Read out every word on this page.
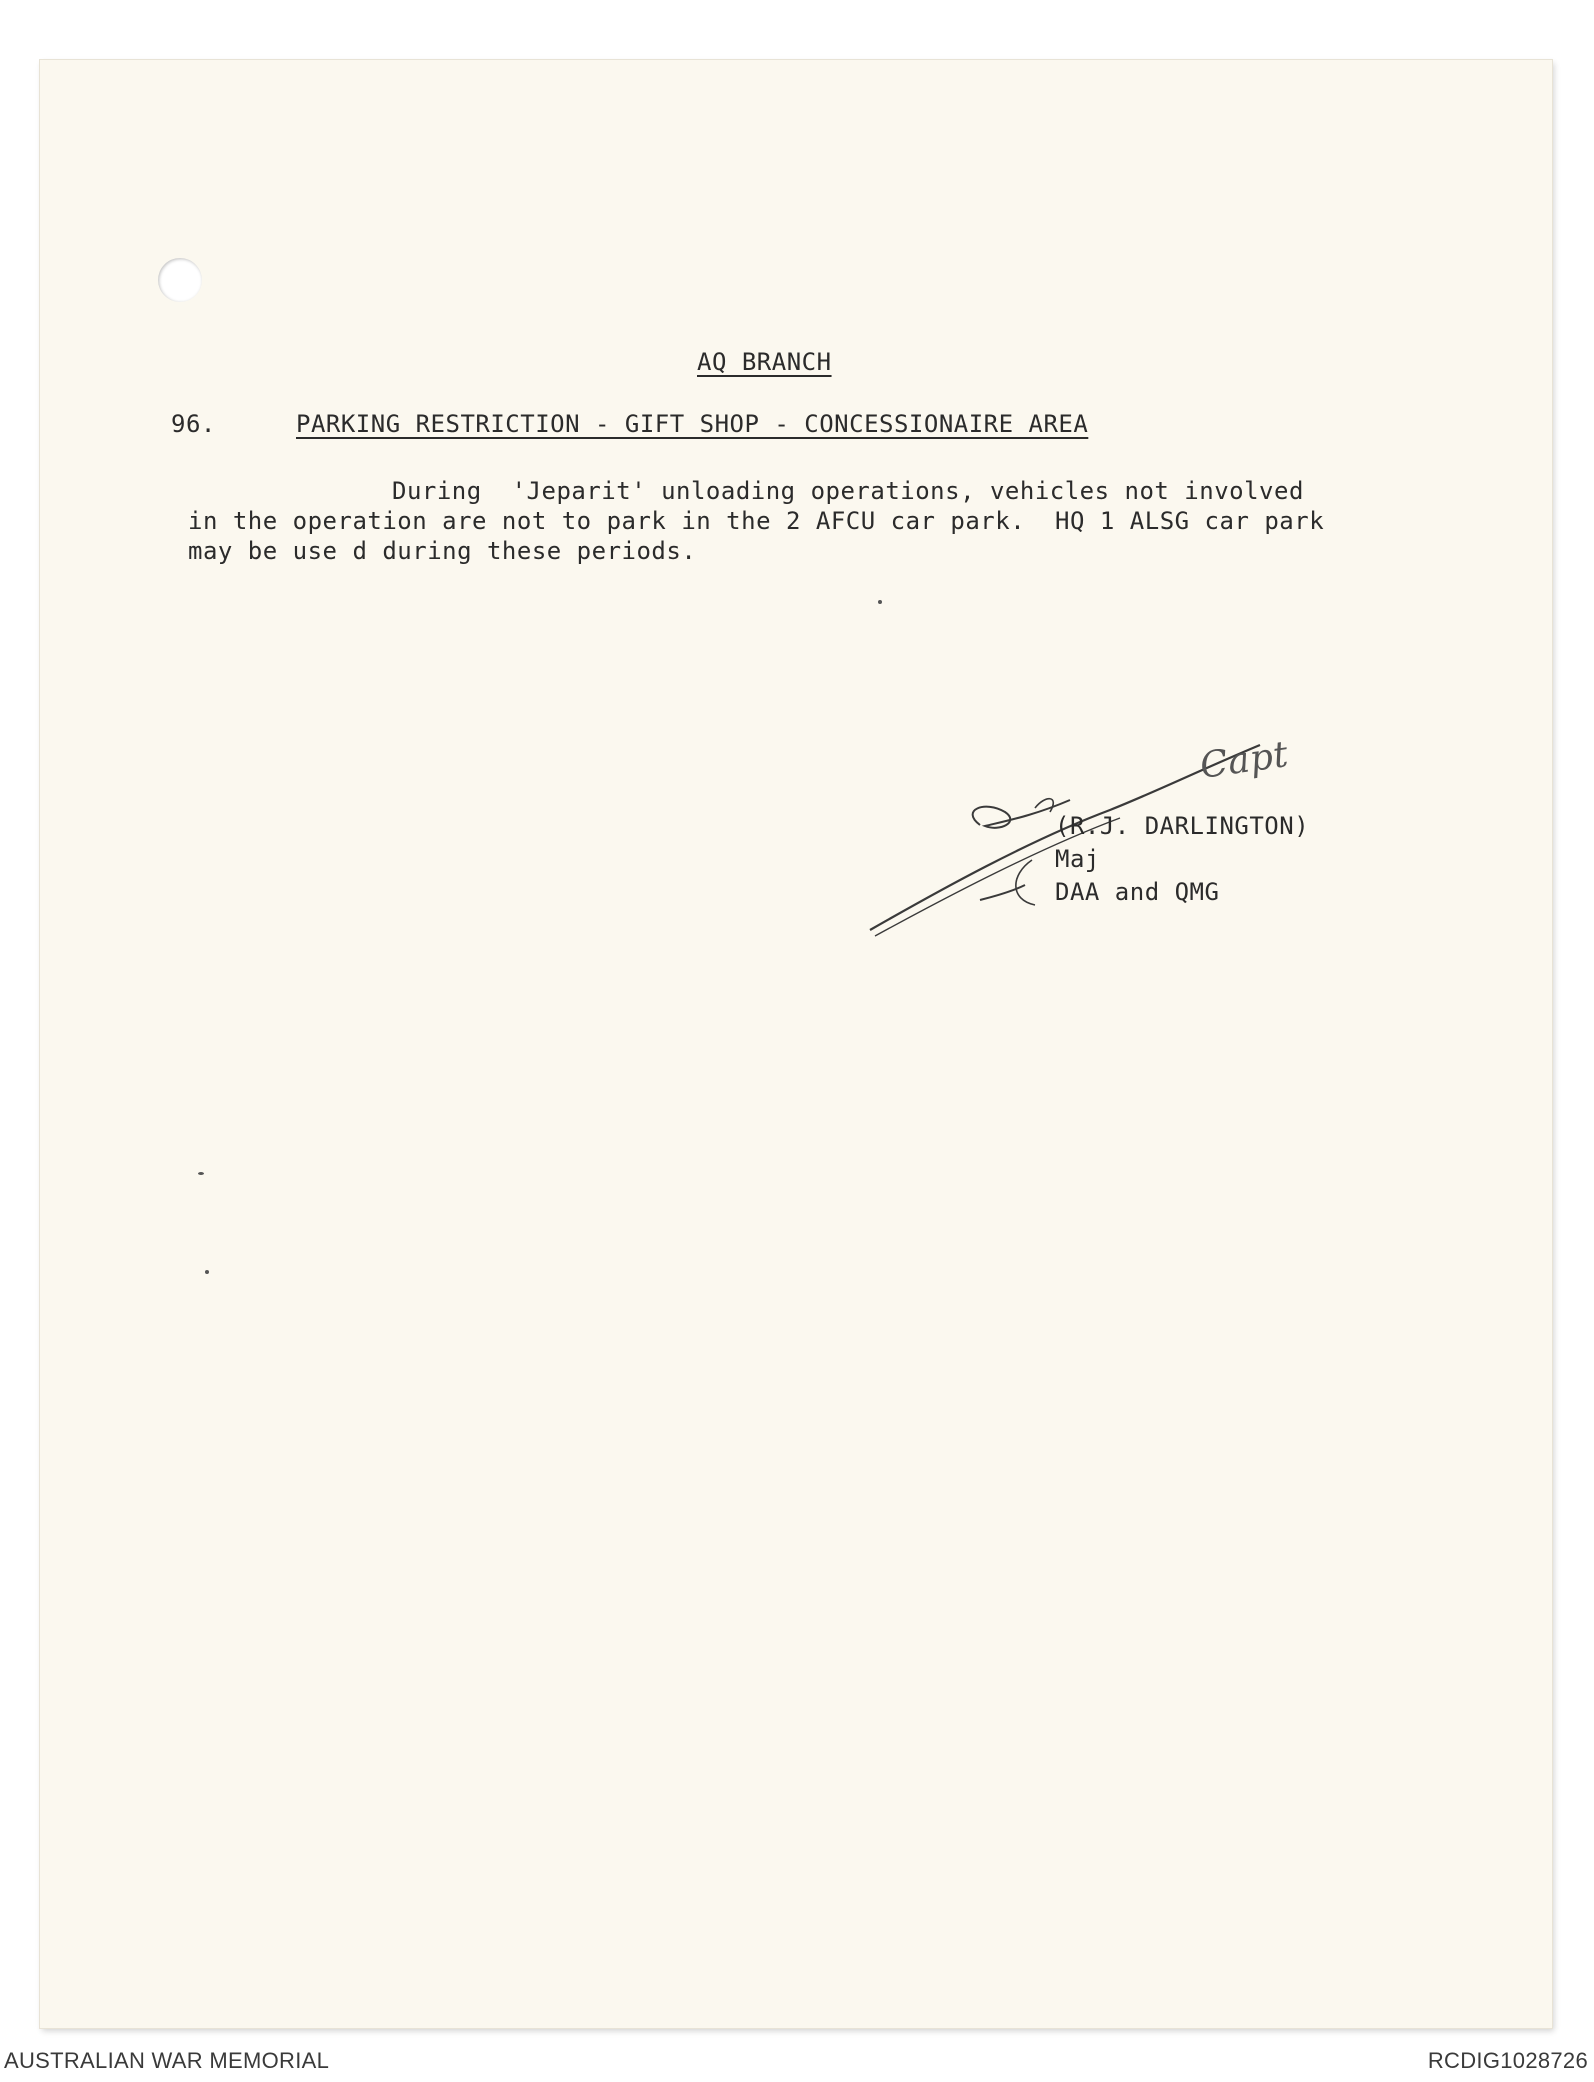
AQ BRANCH
96.	PARKING RESTRICTION - GIFT SHOP - CONCESSIONAIRE AREA
During  'Jeparit' unloading operations, vehicles not involved
in the operation are not to park in the 2 AFCU car park.  HQ 1 ALSG car park
may be use d during these periods.
Capt
(R.J. DARLINGTON)
Maj
DAA and QMG
AUSTRALIAN WAR MEMORIAL	RCDIG1028726
